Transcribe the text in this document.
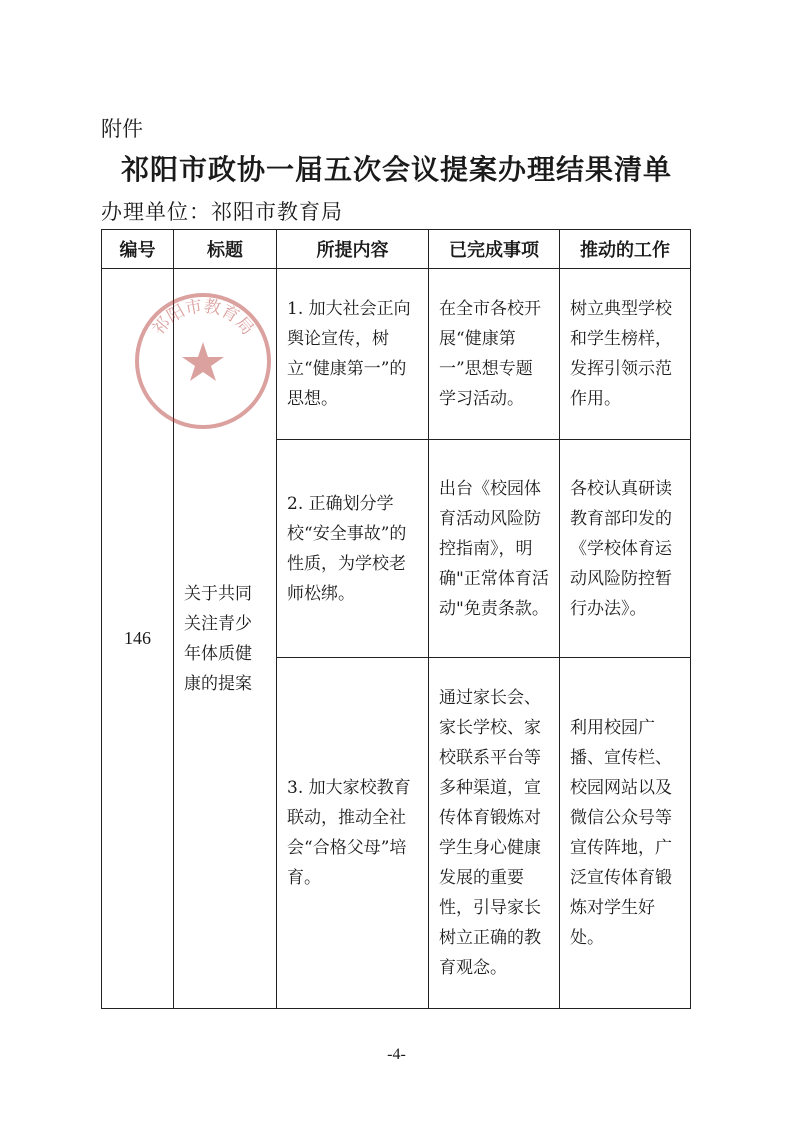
附件
祁阳市政协一届五次会议提案办理结果清单
办理单位：祁阳市教育局
编号	标题	所提内容	已完成事项	推动的工作
146	关于共同关注青少年体质健康的提案	1. 加大社会正向舆论宣传，树立“健康第一”的思想。	在全市各校开展“健康第一”思想专题学习活动。	树立典型学校和学生榜样，发挥引领示范作用。

		2. 正确划分学校“安全事故”的性质，为学校老师松绑。	出台《校园体育活动风险防控指南》，明确"正常体育活动"免责条款。	各校认真研读教育部印发的《学校体育运动风险防控暂行办法》。

		3. 加大家校教育联动，推动全社会“合格父母”培育。	通过家长会、家长学校、家校联系平台等多种渠道，宣传体育锻炼对学生身心健康发展的重要性，引导家长树立正确的教育观念。	利用校园广播、宣传栏、校园网站以及微信公众号等宣传阵地，广泛宣传体育锻炼对学生好处。
祁阳市教育局
-4-
